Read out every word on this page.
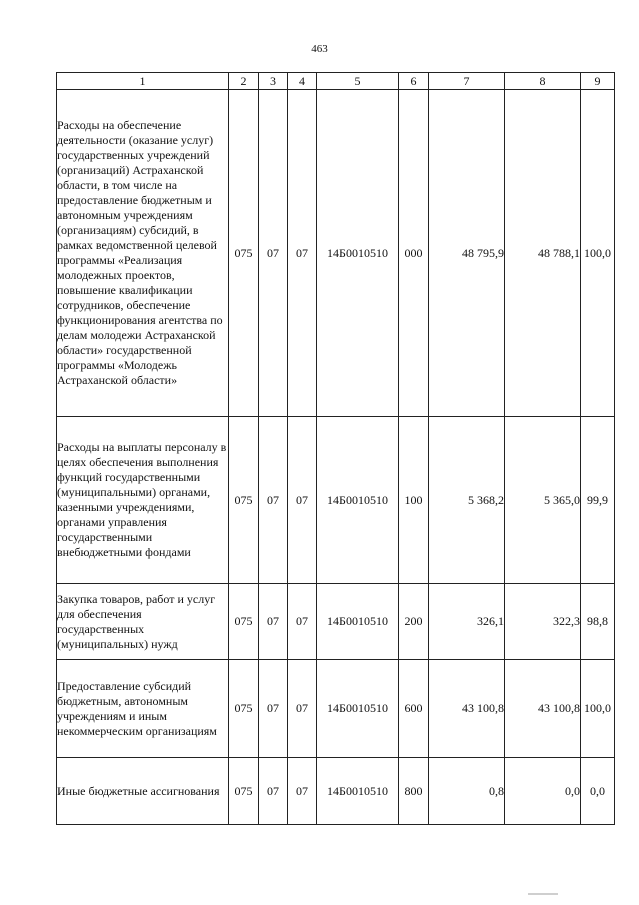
463
1	2	3	4	5	6	7	8	9
Расходы на обеспечение деятельности (оказание услуг) государственных учреждений (организаций) Астраханской области, в том числе на предоставление бюджетным и автономным учреждениям (организациям) субсидий, в рамках ведомственной целевой программы «Реализация молодежных проектов, повышение квалификации сотрудников, обеспечение функционирования агентства по делам молодежи Астраханской области» государственной программы «Молодежь Астраханской области»	075	07	07	14Б0010510	000	48 795,9	48 788,1	100,0
Расходы на выплаты персоналу в целях обеспечения выполнения функций государственными (муниципальными) органами, казенными учреждениями, органами управления государственными внебюджетными фондами	075	07	07	14Б0010510	100	5 368,2	5 365,0	99,9
Закупка товаров, работ и услуг для обеспечения государственных (муниципальных) нужд	075	07	07	14Б0010510	200	326,1	322,3	98,8
Предоставление субсидий бюджетным, автономным учреждениям и иным некоммерческим организациям	075	07	07	14Б0010510	600	43 100,8	43 100,8	100,0
Иные бюджетные ассигнования	075	07	07	14Б0010510	800	0,8	0,0	0,0
